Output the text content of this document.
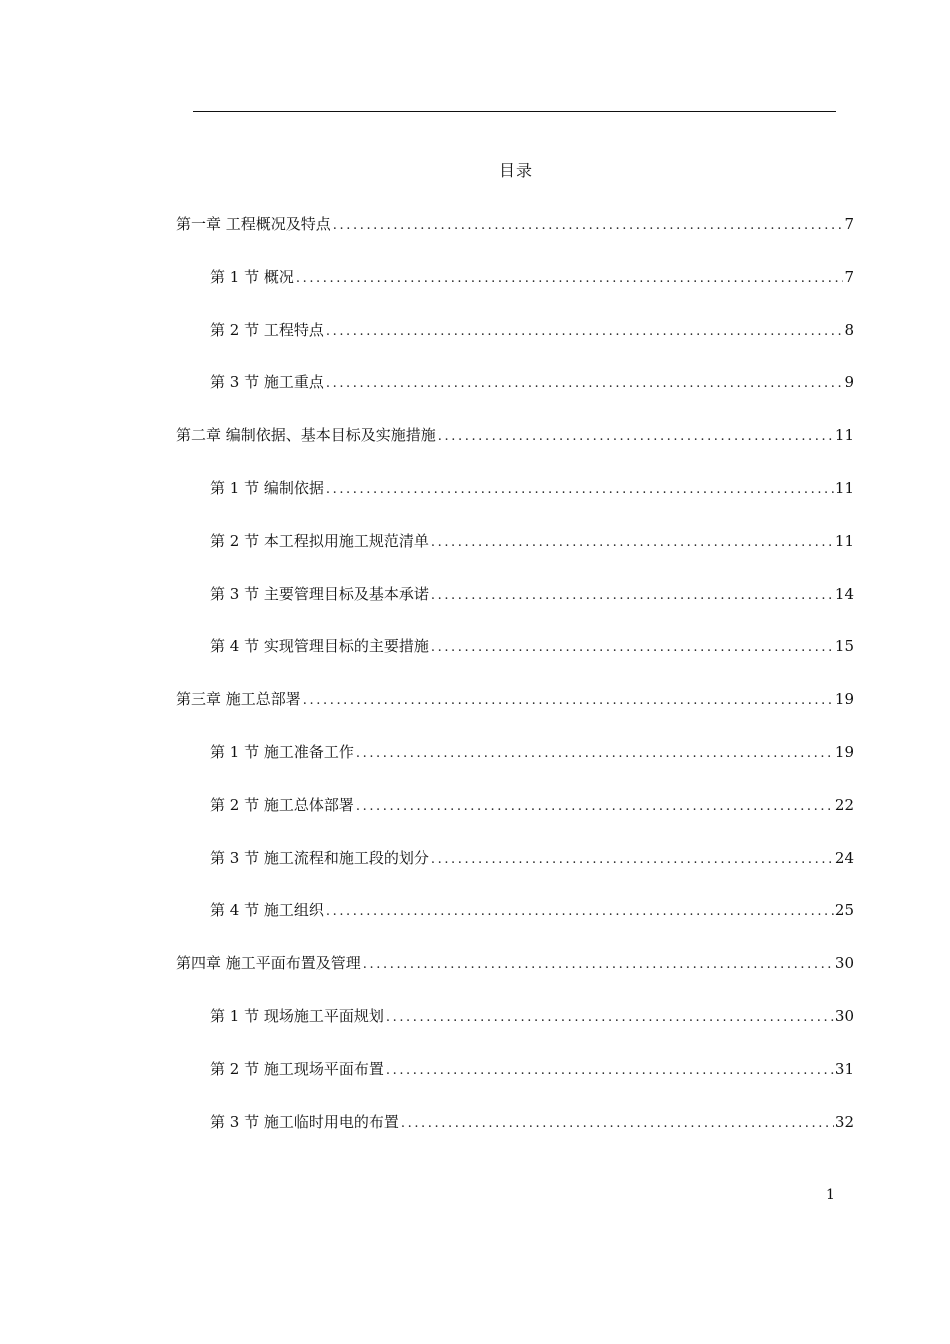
目录
第一章 工程概况及特点 .....	7
第 1 节 概况 .....	7
第 2 节 工程特点 .....	8
第 3 节 施工重点 .....	9
第二章 编制依据、基本目标及实施措施 .....	11
第 1 节 编制依据 .....	11
第 2 节 本工程拟用施工规范清单 .....	11
第 3 节 主要管理目标及基本承诺 .....	14
第 4 节 实现管理目标的主要措施 .....	15
第三章 施工总部署 .....	19
第 1 节 施工准备工作 .....	19
第 2 节 施工总体部署 .....	22
第 3 节 施工流程和施工段的划分 .....	24
第 4 节 施工组织 .....	25
第四章 施工平面布置及管理 .....	30
第 1 节 现场施工平面规划 .....	30
第 2 节 施工现场平面布置 .....	31
第 3 节 施工临时用电的布置 .....	32
1
